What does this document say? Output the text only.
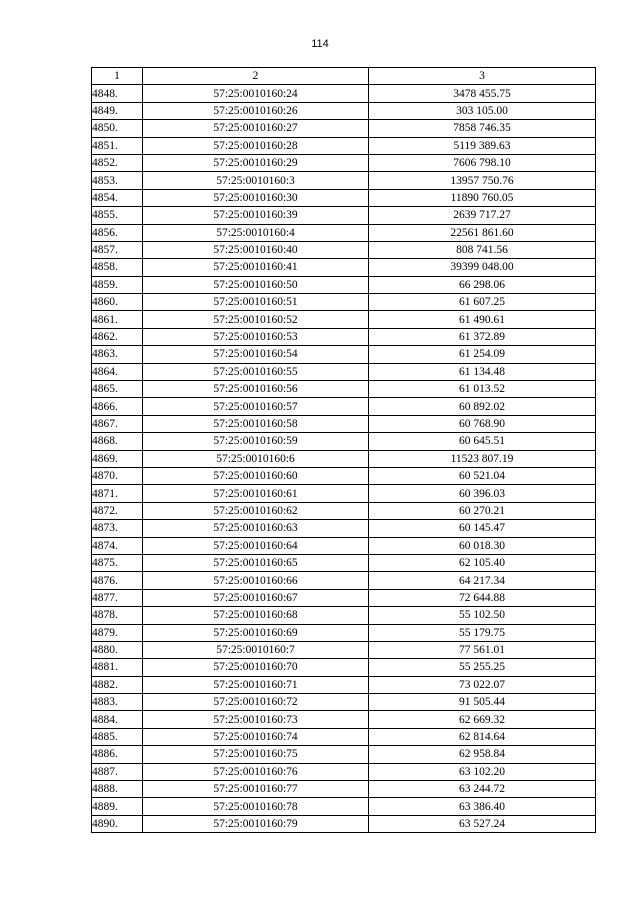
114
1	2	3
4848.	57:25:0010160:24	3478 455.75
4849.	57:25:0010160:26	303 105.00
4850.	57:25:0010160:27	7858 746.35
4851.	57:25:0010160:28	5119 389.63
4852.	57:25:0010160:29	7606 798.10
4853.	57:25:0010160:3	13957 750.76
4854.	57:25:0010160:30	11890 760.05
4855.	57:25:0010160:39	2639 717.27
4856.	57:25:0010160:4	22561 861.60
4857.	57:25:0010160:40	808 741.56
4858.	57:25:0010160:41	39399 048.00
4859.	57:25:0010160:50	66 298.06
4860.	57:25:0010160:51	61 607.25
4861.	57:25:0010160:52	61 490.61
4862.	57:25:0010160:53	61 372.89
4863.	57:25:0010160:54	61 254.09
4864.	57:25:0010160:55	61 134.48
4865.	57:25:0010160:56	61 013.52
4866.	57:25:0010160:57	60 892.02
4867.	57:25:0010160:58	60 768.90
4868.	57:25:0010160:59	60 645.51
4869.	57:25:0010160:6	11523 807.19
4870.	57:25:0010160:60	60 521.04
4871.	57:25:0010160:61	60 396.03
4872.	57:25:0010160:62	60 270.21
4873.	57:25:0010160:63	60 145.47
4874.	57:25:0010160:64	60 018.30
4875.	57:25:0010160:65	62 105.40
4876.	57:25:0010160:66	64 217.34
4877.	57:25:0010160:67	72 644.88
4878.	57:25:0010160:68	55 102.50
4879.	57:25:0010160:69	55 179.75
4880.	57:25:0010160:7	77 561.01
4881.	57:25:0010160:70	55 255.25
4882.	57:25:0010160:71	73 022.07
4883.	57:25:0010160:72	91 505.44
4884.	57:25:0010160:73	62 669.32
4885.	57:25:0010160:74	62 814.64
4886.	57:25:0010160:75	62 958.84
4887.	57:25:0010160:76	63 102.20
4888.	57:25:0010160:77	63 244.72
4889.	57:25:0010160:78	63 386.40
4890.	57:25:0010160:79	63 527.24
